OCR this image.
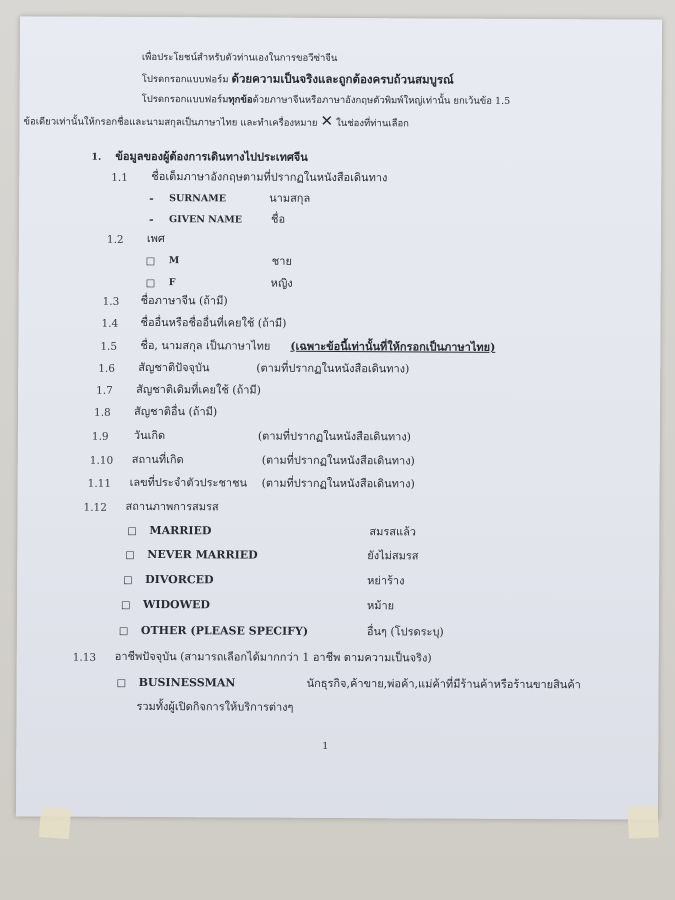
เพื่อประโยชน์สำหรับตัวท่านเองในการขอวีซ่าจีน
โปรดกรอกแบบฟอร์ม ด้วยความเป็นจริงและถูกต้องครบถ้วนสมบูรณ์
โปรดกรอกแบบฟอร์มทุกข้อด้วยภาษาจีนหรือภาษาอังกฤษตัวพิมพ์ใหญ่เท่านั้น ยกเว้นข้อ 1.5
ข้อเดียวเท่านั้นให้กรอกชื่อและนามสกุลเป็นภาษาไทย และทำเครื่องหมาย ✕ ในช่องที่ท่านเลือก
1. ข้อมูลของผู้ต้องการเดินทางไปประเทศจีน
1.1 ชื่อเต็มภาษาอังกฤษตามที่ปรากฏในหนังสือเดินทาง
- SURNAME	นามสกุล
- GIVEN NAME	ชื่อ
1.2 เพศ
□ M	ชาย
□ F	หญิง
1.3 ชื่อภาษาจีน (ถ้ามี)
1.4 ชื่ออื่นหรือชื่ออื่นที่เคยใช้ (ถ้ามี)
1.5 ชื่อ, นามสกุล เป็นภาษาไทย (เฉพาะข้อนี้เท่านั้นที่ให้กรอกเป็นภาษาไทย)
1.6 สัญชาติปัจจุบัน	(ตามที่ปรากฏในหนังสือเดินทาง)
1.7 สัญชาติเดิมที่เคยใช้ (ถ้ามี)
1.8 สัญชาติอื่น (ถ้ามี)
1.9 วันเกิด	(ตามที่ปรากฏในหนังสือเดินทาง)
1.10 สถานที่เกิด	(ตามที่ปรากฏในหนังสือเดินทาง)
1.11 เลขที่ประจำตัวประชาชน (ตามที่ปรากฏในหนังสือเดินทาง)
1.12 สถานภาพการสมรส
□ MARRIED	สมรสแล้ว
□ NEVER MARRIED	ยังไม่สมรส
□ DIVORCED	หย่าร้าง
□ WIDOWED	หม้าย
□ OTHER (PLEASE SPECIFY)	อื่นๆ (โปรดระบุ)
1.13 อาชีพปัจจุบัน (สามารถเลือกได้มากกว่า 1 อาชีพ ตามความเป็นจริง)
□ BUSINESSMAN	นักธุรกิจ,ค้าขาย,พ่อค้า,แม่ค้าที่มีร้านค้าหรือร้านขายสินค้า
รวมทั้งผู้เปิดกิจการให้บริการต่างๆ
1
